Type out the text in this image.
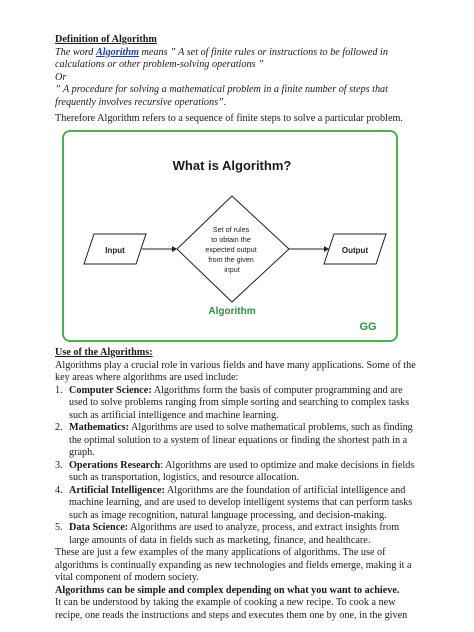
Definition of Algorithm

The word Algorithm means ” A set of finite rules or instructions to be followed in calculations or other problem-solving operations ”

Or

” A procedure for solving a mathematical problem in a finite number of steps that frequently involves recursive operations”.

Therefore Algorithm refers to a sequence of finite steps to solve a particular problem.

What is Algorithm?
Input
Set of rules to obtain the expected output from the given input
Output
Algorithm
GG

Use of the Algorithms:

Algorithms play a crucial role in various fields and have many applications. Some of the key areas where algorithms are used include:

1. Computer Science: Algorithms form the basis of computer programming and are used to solve problems ranging from simple sorting and searching to complex tasks such as artificial intelligence and machine learning.
2. Mathematics: Algorithms are used to solve mathematical problems, such as finding the optimal solution to a system of linear equations or finding the shortest path in a graph.
3. Operations Research: Algorithms are used to optimize and make decisions in fields such as transportation, logistics, and resource allocation.
4. Artificial Intelligence: Algorithms are the foundation of artificial intelligence and machine learning, and are used to develop intelligent systems that can perform tasks such as image recognition, natural language processing, and decision-making.
5. Data Science: Algorithms are used to analyze, process, and extract insights from large amounts of data in fields such as marketing, finance, and healthcare.

These are just a few examples of the many applications of algorithms. The use of algorithms is continually expanding as new technologies and fields emerge, making it a vital component of modern society.

Algorithms can be simple and complex depending on what you want to achieve.

It can be understood by taking the example of cooking a new recipe. To cook a new recipe, one reads the instructions and steps and executes them one by one, in the given
